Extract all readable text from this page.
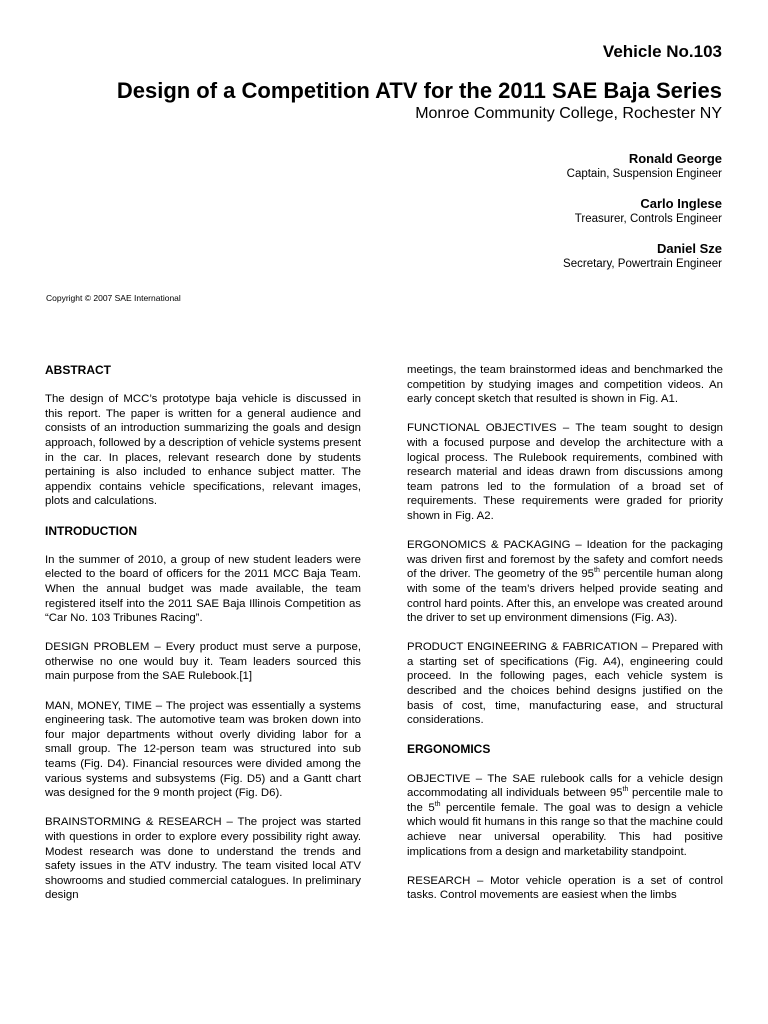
Vehicle No.103
Design of a Competition ATV for the 2011 SAE Baja Series
Monroe Community College, Rochester NY
Ronald George
Captain, Suspension Engineer
Carlo Inglese
Treasurer, Controls Engineer
Daniel Sze
Secretary, Powertrain Engineer
Copyright © 2007 SAE International
ABSTRACT

The design of MCC’s prototype baja vehicle is discussed in this report. The paper is written for a general audience and consists of an introduction summarizing the goals and design approach, followed by a description of vehicle systems present in the car. In places, relevant research done by students pertaining is also included to enhance subject matter. The appendix contains vehicle specifications, relevant images, plots and calculations.

INTRODUCTION

In the summer of 2010, a group of new student leaders were elected to the board of officers for the 2011 MCC Baja Team. When the annual budget was made available, the team registered itself into the 2011 SAE Baja Illinois Competition as “Car No. 103 Tribunes Racing”.

DESIGN PROBLEM – Every product must serve a purpose, otherwise no one would buy it. Team leaders sourced this main purpose from the SAE Rulebook.[1]

MAN, MONEY, TIME – The project was essentially a systems engineering task. The automotive team was broken down into four major departments without overly dividing labor for a small group. The 12-person team was structured into sub teams (Fig. D4). Financial resources were divided among the various systems and subsystems (Fig. D5) and a Gantt chart was designed for the 9 month project (Fig. D6).

BRAINSTORMING & RESEARCH – The project was started with questions in order to explore every possibility right away. Modest research was done to understand the trends and safety issues in the ATV industry. The team visited local ATV showrooms and studied commercial catalogues. In preliminary design

meetings, the team brainstormed ideas and benchmarked the competition by studying images and competition videos. An early concept sketch that resulted is shown in Fig. A1.

FUNCTIONAL OBJECTIVES – The team sought to design with a focused purpose and develop the architecture with a logical process. The Rulebook requirements, combined with research material and ideas drawn from discussions among team patrons led to the formulation of a broad set of requirements. These requirements were graded for priority shown in Fig. A2.

ERGONOMICS & PACKAGING – Ideation for the packaging was driven first and foremost by the safety and comfort needs of the driver. The geometry of the 95th percentile human along with some of the team’s drivers helped provide seating and control hard points. After this, an envelope was created around the driver to set up environment dimensions (Fig. A3).

PRODUCT ENGINEERING & FABRICATION – Prepared with a starting set of specifications (Fig. A4), engineering could proceed. In the following pages, each vehicle system is described and the choices behind designs justified on the basis of cost, time, manufacturing ease, and structural considerations.

ERGONOMICS

OBJECTIVE – The SAE rulebook calls for a vehicle design accommodating all individuals between 95th percentile male to the 5th percentile female. The goal was to design a vehicle which would fit humans in this range so that the machine could achieve near universal operability. This had positive implications from a design and marketability standpoint.

RESEARCH – Motor vehicle operation is a set of control tasks. Control movements are easiest when the limbs
